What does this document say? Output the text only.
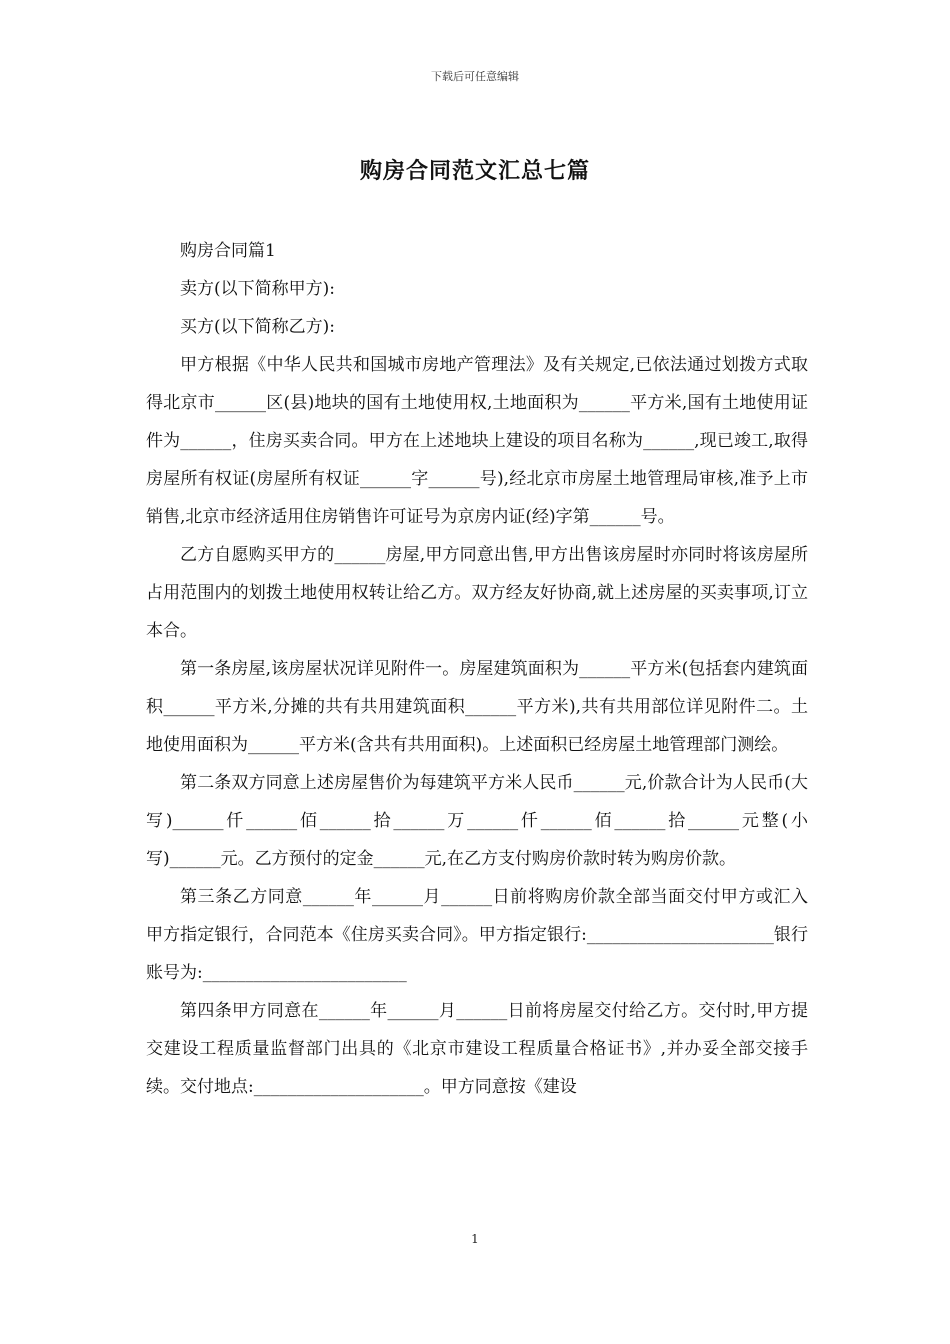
下载后可任意编辑
购房合同范文汇总七篇

购房合同篇1

卖方(以下简称甲方):

买方(以下简称乙方):

甲方根据《中华人民共和国城市房地产管理法》及有关规定,已依法通过划拨方式取得北京市______区(县)地块的国有土地使用权,土地面积为______平方米,国有土地使用证件为______，住房买卖合同。甲方在上述地块上建设的项目名称为______,现已竣工,取得房屋所有权证(房屋所有权证______字______号),经北京市房屋土地管理局审核,准予上市销售,北京市经济适用住房销售许可证号为京房内证(经)字第______号。

乙方自愿购买甲方的______房屋,甲方同意出售,甲方出售该房屋时亦同时将该房屋所占用范围内的划拨土地使用权转让给乙方。双方经友好协商,就上述房屋的买卖事项,订立本合。

第一条房屋,该房屋状况详见附件一。房屋建筑面积为______平方米(包括套内建筑面积______平方米,分摊的共有共用建筑面积______平方米),共有共用部位详见附件二。土地使用面积为______平方米(含共有共用面积)。上述面积已经房屋土地管理部门测绘。

第二条双方同意上述房屋售价为每建筑平方米人民币______元,价款合计为人民币(大写)______仟______佰______拾______万______仟______佰______拾______元整(小写)______元。乙方预付的定金______元,在乙方支付购房价款时转为购房价款。

第三条乙方同意______年______月______日前将购房价款全部当面交付甲方或汇入甲方指定银行，合同范本《住房买卖合同》。甲方指定银行:______________________银行账号为:________________________

第四条甲方同意在______年______月______日前将房屋交付给乙方。交付时,甲方提交建设工程质量监督部门出具的《北京市建设工程质量合格证书》,并办妥全部交接手续。交付地点:____________________。甲方同意按《建设

1
